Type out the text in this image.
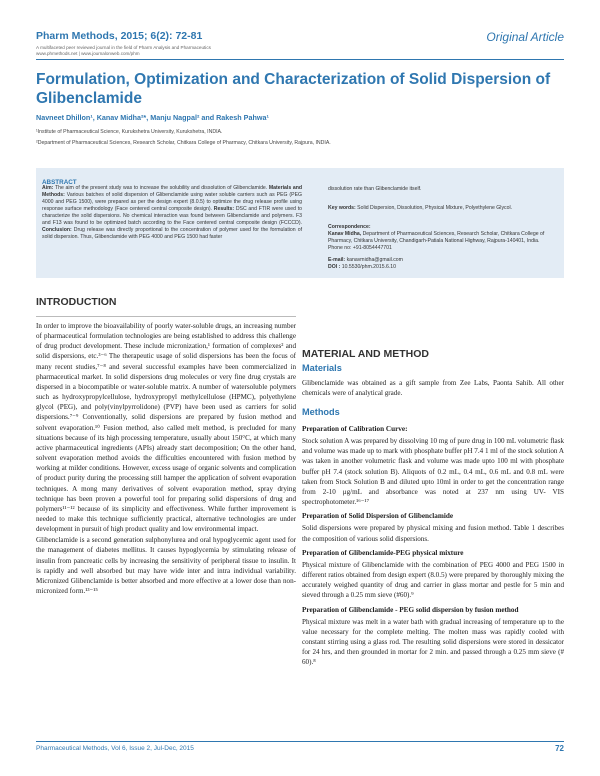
Pharm Methods, 2015; 6(2): 72-81
A multifaceted peer reviewed journal in the field of Pharm Analysis and Pharmaceutics
www.phmethods.net | www.journalonweb.com/phm
Original Article
Formulation, Optimization and Characterization of Solid Dispersion of Glibenclamide
Navneet Dhillon¹, Kanav Midha²*, Manju Nagpal² and Rakesh Pahwa¹
¹Institute of Pharmaceutical Science, Kurukshetra University, Kurukshetra, INDIA.
²Department of Pharmaceutical Sciences, Research Scholar, Chitkara College of Pharmacy, Chitkara University, Rajpura, INDIA.
ABSTRACT
Aim: The aim of the present study was to increase the solubility and dissolution of Glibenclamide. Materials and Methods: Various batches of solid dispersion of Glibenclamide using water soluble carriers such as PEG (PEG 4000 and PEG 1500), were prepared as per the design expert (8.0.5) to optimize the drug release profile using response surface methodology (Face centered central composite design). Results: DSC and FTIR were used to characterize the solid dispersions. No chemical interaction was found between Glibenclamide and polymers. F3 and F13 was found to be optimized batch according to the Face centered central composite design (FCCCD). Conclusion: Drug release was directly proportional to the concentration of polymer used for the formulation of solid dispersion. Thus, Glibenclamide with PEG 4000 and PEG 1500 had faster
dissolution rate than Glibenclamide itself.
Key words: Solid Dispersion, Dissolution, Physical Mixture, Polyethylene Glycol.
Correspondence:
Kanav Midha, Department of Pharmaceutical Sciences, Research Scholar, Chitkara College of Pharmacy, Chitkara University, Chandigarh-Patiala National Highway, Rajpura-140401, India.
Phone no: +91-8054447701
E-mail: kanavmidha@gmail.com
DOI : 10.5530/phm.2015.6.10
INTRODUCTION

In order to improve the bioavailability of poorly water-soluble drugs, an increasing number of pharmaceutical formulation technologies are being established to address this challenge of drug product development. These include micronization,¹ formation of complexes² and solid dispersions, etc.³⁻⁶ The therapeutic usage of solid dispersions has been the focus of many recent studies,⁷⁻⁸ and several successful examples have been commercialized in pharmaceutical market. In solid dispersions drug molecules or very fine drug crystals are dispersed in a biocompatible or water-soluble matrix. A number of watersoluble polymers such as hydroxypropylcellulose, hydroxypropyl methylcellulose (HPMC), polyethylene glycol (PEG), and poly(vinylpyrrolidone) (PVP) have been used as carriers for solid dispersions.⁷⁻⁹ Conventionally, solid dispersions are prepared by fusion method and solvent evaporation.¹⁰ Fusion method, also called melt method, is precluded for many situations because of its high processing temperature, usually about 150°C, at which many active pharmaceutical ingredients (APIs) already start decomposition; On the other hand, solvent evaporation method avoids the difficulties encountered with fusion method by working at milder conditions. However, excess usage of organic solvents and complication of product purity during the processing still hamper the application of solvent evaporation techniques. A mong many derivatives of solvent evaporation method, spray drying technique has been proven a powerful tool for preparing solid dispersions of drug and polymers¹¹⁻¹² because of its simplicity and effectiveness. While further improvement is needed to make this technique sufficiently practical, alternative technologies are under development in pursuit of high product quality and low environmental impact.

Glibenclamide is a second generation sulphonylurea and oral hypoglycemic agent used for the management of diabetes mellitus. It causes hypoglycemia by stimulating release of insulin from pancreatic cells by increasing the sensitivity of peripheral tissue to insulin. It is rapidly and well absorbed but may have wide inter and intra individual variability. Micronized Glibenclamide is better absorbed and more effective at a lower dose than non-micronized form.¹³⁻¹⁵

MATERIAL AND METHOD
Materials
Glibenclamide was obtained as a gift sample from Zee Labs, Paonta Sahib. All other chemicals were of analytical grade.
Methods
Preparation of Calibration Curve:

Stock solution A was prepared by dissolving 10 mg of pure drug in 100 mL volumetric flask and volume was made up to mark with phosphate buffer pH 7.4 1 ml of the stock solution A was taken in another volumetric flask and volume was made upto 100 ml with phosphate buffer pH 7.4 (stock solution B). Aliquots of 0.2 mL, 0.4 mL, 0.6 mL and 0.8 mL were taken from Stock Solution B and diluted upto 10ml in order to get the concentration range from 2-10 μg/mL and absorbance was noted at 237 nm using UV- VIS spectrophotometer.¹⁶⁻¹⁷

Preparation of Solid Dispersion of Glibenclamide

Solid dispersions were prepared by physical mixing and fusion method. Table 1 describes the composition of various solid dispersions.

Preparation of Glibenclamide-PEG physical mixture

Physical mixture of Glibenclamide with the combination of PEG 4000 and PEG 1500 in different ratios obtained from design expert (8.0.5) were prepared by thoroughly mixing the accurately weighed quantity of drug and carrier in glass mortar and pestle for 5 min and sieved through a 0.25 mm sieve (#60).⁹

Preparation of Glibenclamide - PEG solid dispersion by fusion method

Physical mixture was melt in a water bath with gradual increasing of temperature up to the value necessary for the complete melting. The molten mass was rapidly cooled with constant stirring using a glass rod. The resulting solid dispersions were stored in dessicator for 24 hrs, and then grounded in mortar for 2 min. and passed through a 0.25 mm sieve (# 60).⁸

Pharmaceutical Methods, Vol 6, Issue 2, Jul-Dec, 2015	72
